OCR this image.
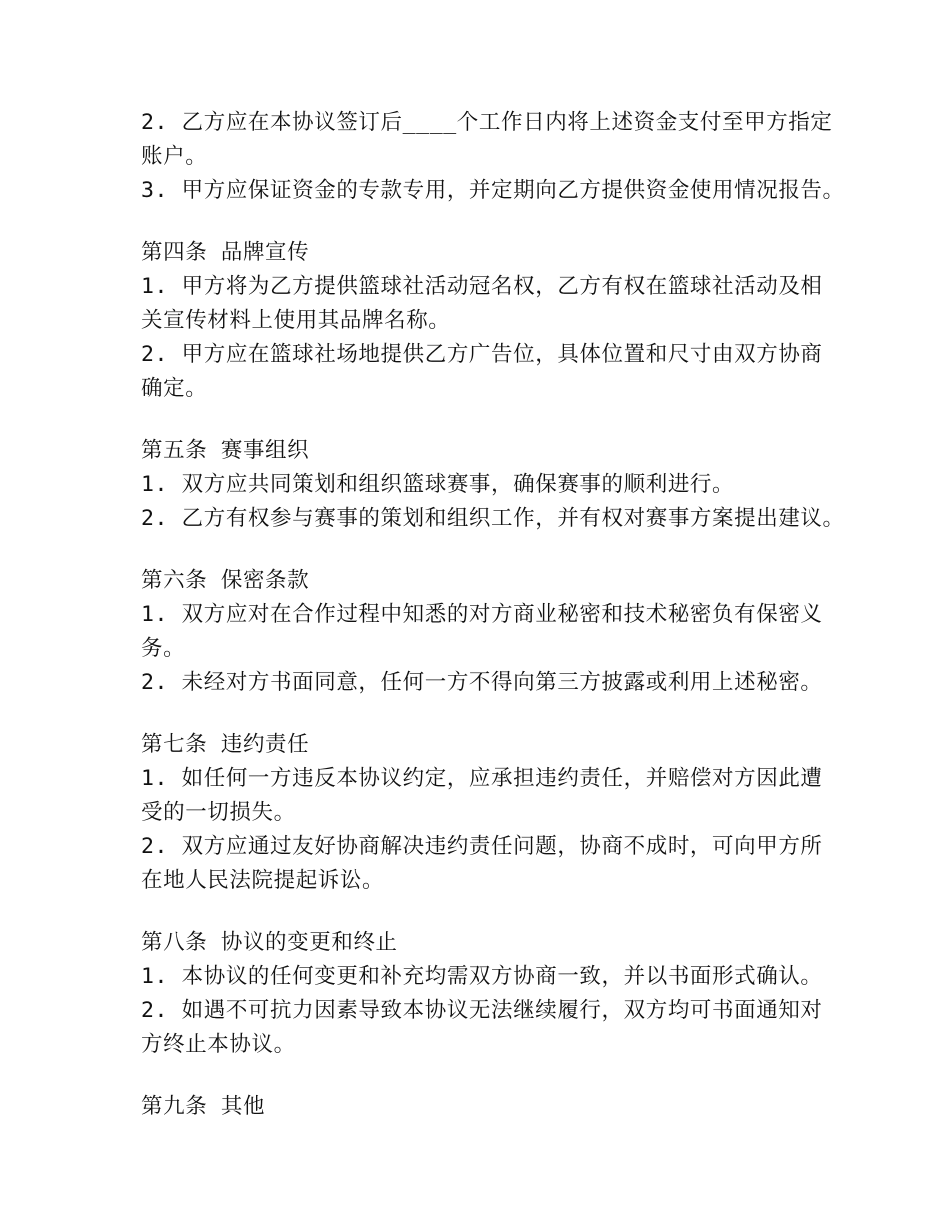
2. 乙方应在本协议签订后____个工作日内将上述资金支付至甲方指定
账户。
3. 甲方应保证资金的专款专用，并定期向乙方提供资金使用情况报告。
第四条 品牌宣传
1. 甲方将为乙方提供篮球社活动冠名权，乙方有权在篮球社活动及相
关宣传材料上使用其品牌名称。
2. 甲方应在篮球社场地提供乙方广告位，具体位置和尺寸由双方协商
确定。
第五条 赛事组织
1. 双方应共同策划和组织篮球赛事，确保赛事的顺利进行。
2. 乙方有权参与赛事的策划和组织工作，并有权对赛事方案提出建议。
第六条 保密条款
1. 双方应对在合作过程中知悉的对方商业秘密和技术秘密负有保密义
务。
2. 未经对方书面同意，任何一方不得向第三方披露或利用上述秘密。
第七条 违约责任
1. 如任何一方违反本协议约定，应承担违约责任，并赔偿对方因此遭
受的一切损失。
2. 双方应通过友好协商解决违约责任问题，协商不成时，可向甲方所
在地人民法院提起诉讼。
第八条 协议的变更和终止
1. 本协议的任何变更和补充均需双方协商一致，并以书面形式确认。
2. 如遇不可抗力因素导致本协议无法继续履行，双方均可书面通知对
方终止本协议。
第九条 其他
